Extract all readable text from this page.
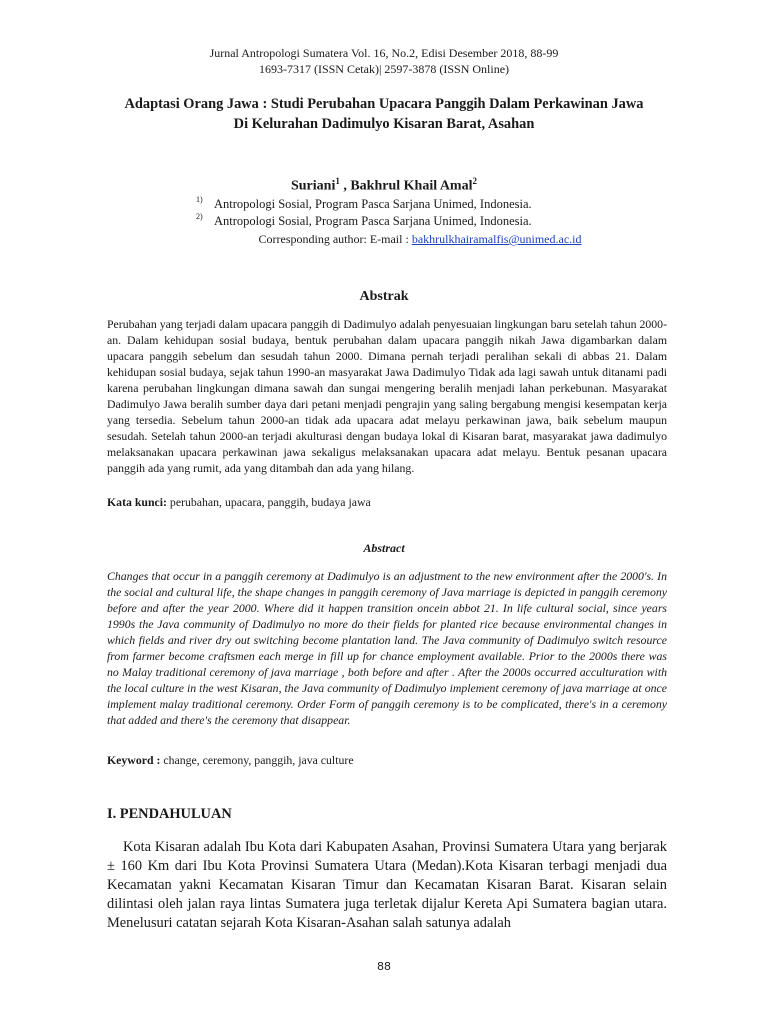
Jurnal Antropologi Sumatera Vol. 16, No.2, Edisi Desember 2018, 88-99
1693-7317 (ISSN Cetak)| 2597-3878 (ISSN Online)
Adaptasi Orang Jawa : Studi Perubahan Upacara Panggih Dalam Perkawinan Jawa
Di Kelurahan Dadimulyo Kisaran Barat, Asahan
Suriani$^1$ , Bakhrul Khail Amal$^2$
$^{1)}$ Antropologi Sosial, Program Pasca Sarjana Unimed, Indonesia.
$^{2)}$ Antropologi Sosial, Program Pasca Sarjana Unimed, Indonesia.
Corresponding author: E-mail : bakhrulkhairamalfis@unimed.ac.id
Abstrak
Perubahan yang terjadi dalam upacara panggih di Dadimulyo adalah penyesuaian lingkungan baru setelah tahun 2000-an. Dalam kehidupan sosial budaya, bentuk perubahan dalam upacara panggih nikah Jawa digambarkan dalam upacara panggih sebelum dan sesudah tahun 2000. Dimana pernah terjadi peralihan sekali di abbas 21. Dalam kehidupan sosial budaya, sejak tahun 1990-an masyarakat Jawa Dadimulyo Tidak ada lagi sawah untuk ditanami padi karena perubahan lingkungan dimana sawah dan sungai mengering beralih menjadi lahan perkebunan. Masyarakat Dadimulyo Jawa beralih sumber daya dari petani menjadi pengrajin yang saling bergabung mengisi kesempatan kerja yang tersedia. Sebelum tahun 2000-an tidak ada upacara adat melayu perkawinan jawa, baik sebelum maupun sesudah. Setelah tahun 2000-an terjadi akulturasi dengan budaya lokal di Kisaran barat, masyarakat jawa dadimulyo melaksanakan upacara perkawinan jawa sekaligus melaksanakan upacara adat melayu. Bentuk pesanan upacara panggih ada yang rumit, ada yang ditambah dan ada yang hilang.
Kata kunci: perubahan, upacara, panggih, budaya jawa
Abstract
Changes that occur in a panggih ceremony at Dadimulyo is an adjustment to the new environment after the 2000's. In the social and cultural life, the shape changes in panggih ceremony of Java marriage is depicted in panggih ceremony before and after the year 2000. Where did it happen transition oncein abbot 21. In life cultural social, since years 1990s the Java community of Dadimulyo no more do their fields for planted rice because environmental changes in which fields and river dry out switching become plantation land. The Java community of Dadimulyo switch resource from farmer become craftsmen each merge in fill up for chance employment available. Prior to the 2000s there was no Malay traditional ceremony of java marriage , both before and after . After the 2000s occurred acculturation with the local culture in the west Kisaran, the Java community of Dadimulyo implement ceremony of java marriage at once implement malay traditional ceremony. Order Form of panggih ceremony is to be complicated, there's in a ceremony that added and there's the ceremony that disappear.
Keyword : change, ceremony, panggih, java culture
I. PENDAHULUAN
Kota Kisaran adalah Ibu Kota dari Kabupaten Asahan, Provinsi Sumatera Utara yang berjarak ± 160 Km dari Ibu Kota Provinsi Sumatera Utara (Medan).Kota Kisaran terbagi menjadi dua Kecamatan yakni Kecamatan Kisaran Timur dan Kecamatan Kisaran Barat. Kisaran selain dilintasi oleh jalan raya lintas Sumatera juga terletak dijalur Kereta Api Sumatera bagian utara. Menelusuri catatan sejarah Kota Kisaran-Asahan salah satunya adalah
88
